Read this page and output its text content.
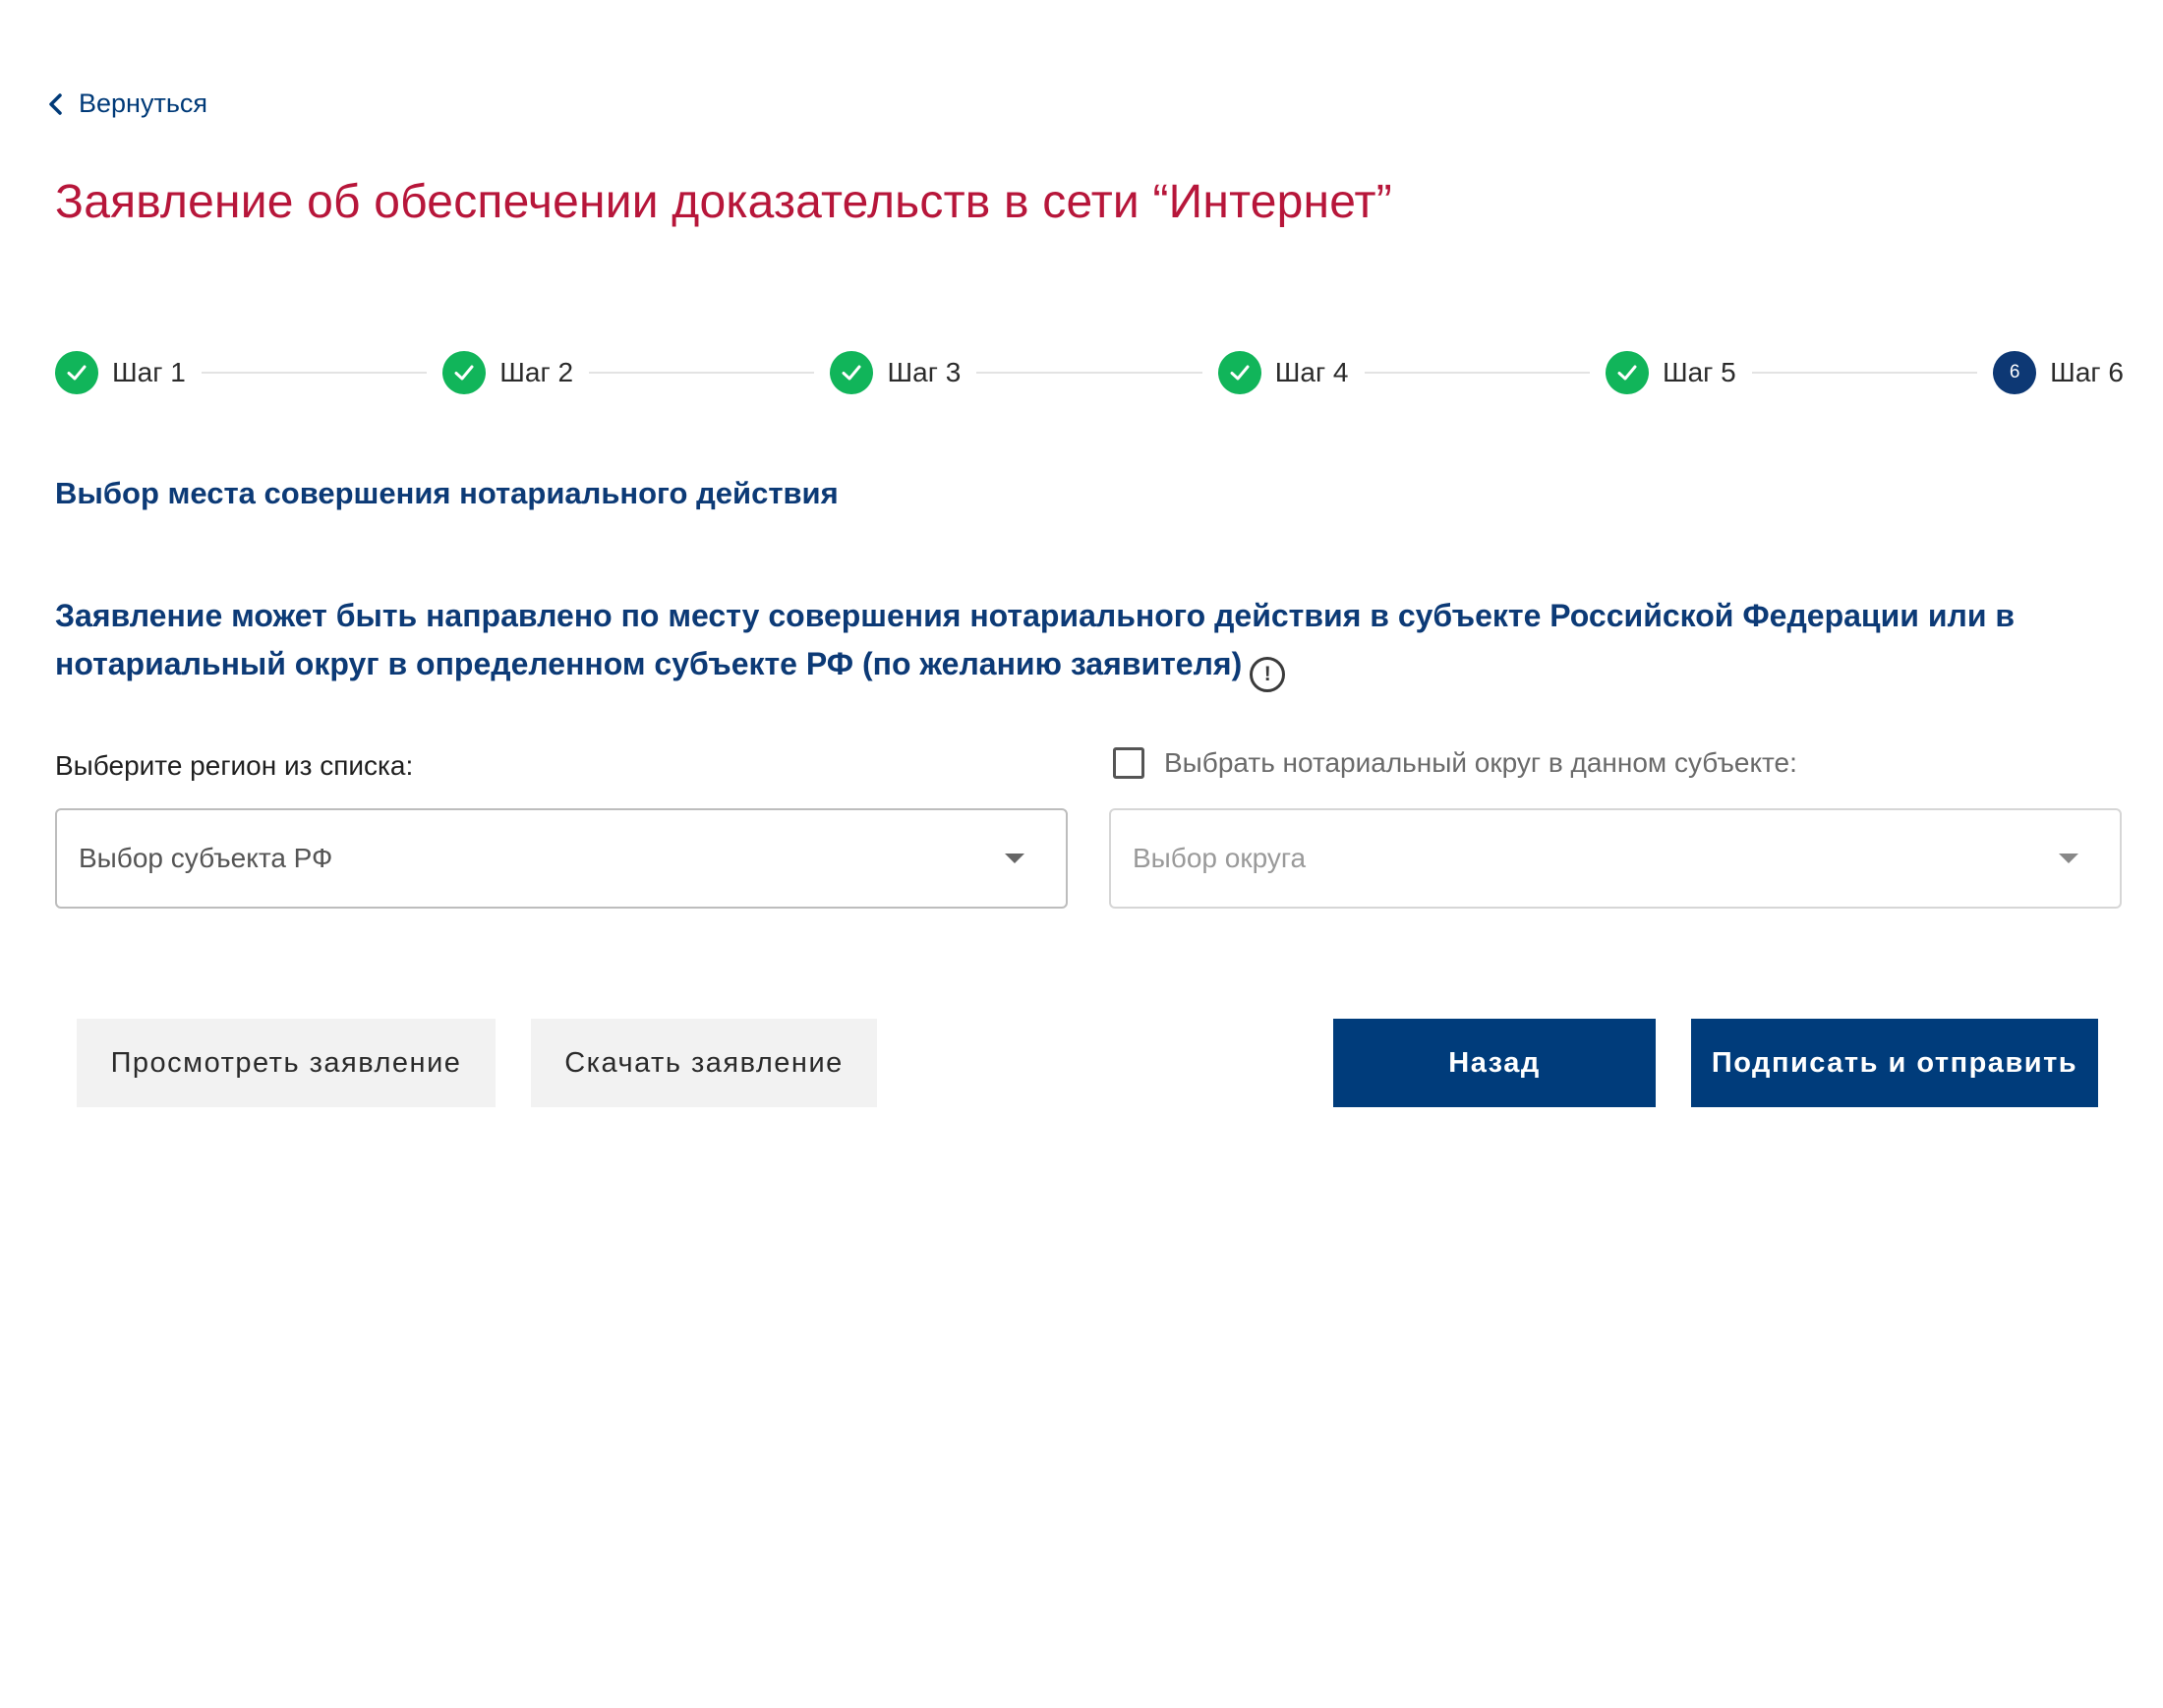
Вернуться
Заявление об обеспечении доказательств в сети “Интернет”
Шаг 1	Шаг 2	Шаг 3	Шаг 4	Шаг 5	6	Шаг 6
Выбор места совершения нотариального действия

Заявление может быть направлено по месту совершения нотариального действия в субъекте Российской Федерации или в нотариальный округ в определенном субъекте РФ (по желанию заявителя) !

Выберите регион из списка:	Выбрать нотариальный округ в данном субъекте:
Выбор субъекта РФ	Выбор округа
Просмотреть заявление	Скачать заявление	Назад	Подписать и отправить
